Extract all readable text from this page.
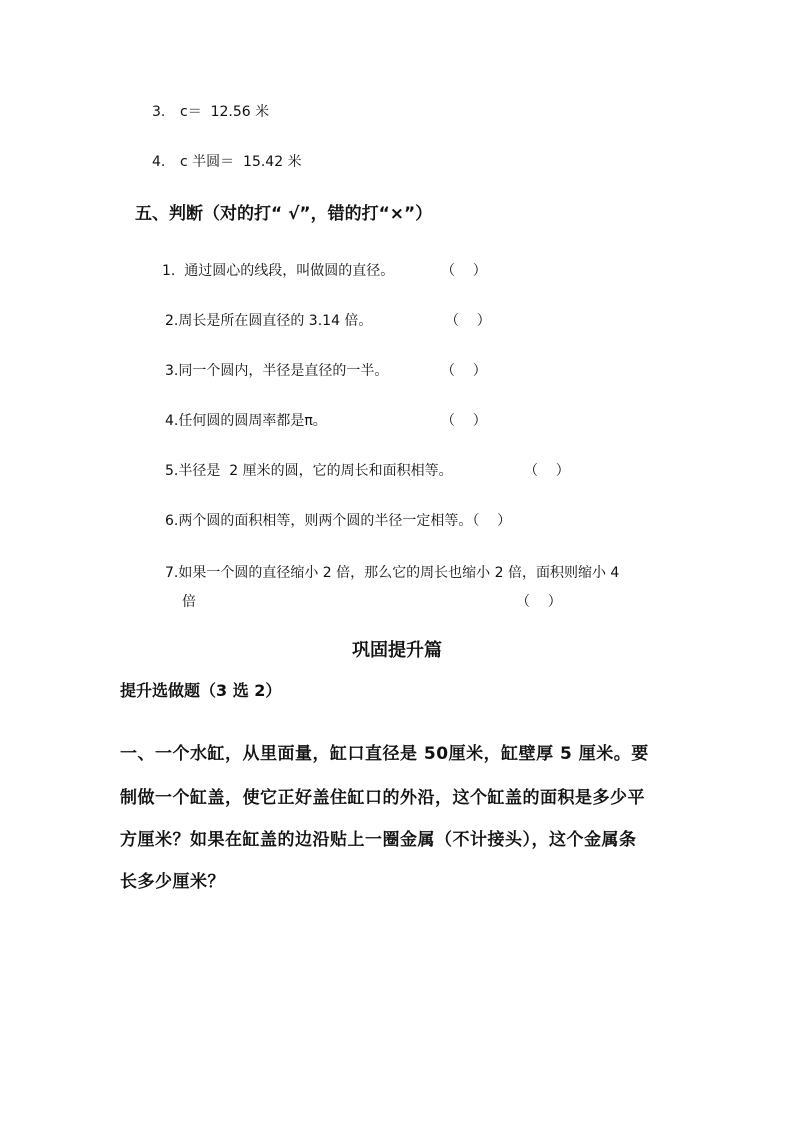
3. c＝  12.56 米
4. c 半圆＝  15.42 米
五、判断（对的打“ √”，错的打“×”）
1.  通过圆心的线段，叫做圆的直径。	（    ）
2.周长是所在圆直径的 3.14 倍。	（    ）
3.同一个圆内，半径是直径的一半。	（    ）
4.任何圆的圆周率都是π。	（    ）
5.半径是  2 厘米的圆，它的周长和面积相等。	（    ）
6.两个圆的面积相等，则两个圆的半径一定相等。（    ）
7.如果一个圆的直径缩小 2 倍，那么它的周长也缩小 2 倍，面积则缩小 4
倍	（    ）
巩固提升篇
提升选做题（3 选 2）
一、一个水缸，从里面量，缸口直径是 50厘米，缸壁厚 5 厘米。要
制做一个缸盖，使它正好盖住缸口的外沿，这个缸盖的面积是多少平
方厘米？如果在缸盖的边沿贴上一圈金属（不计接头），这个金属条
长多少厘米？
